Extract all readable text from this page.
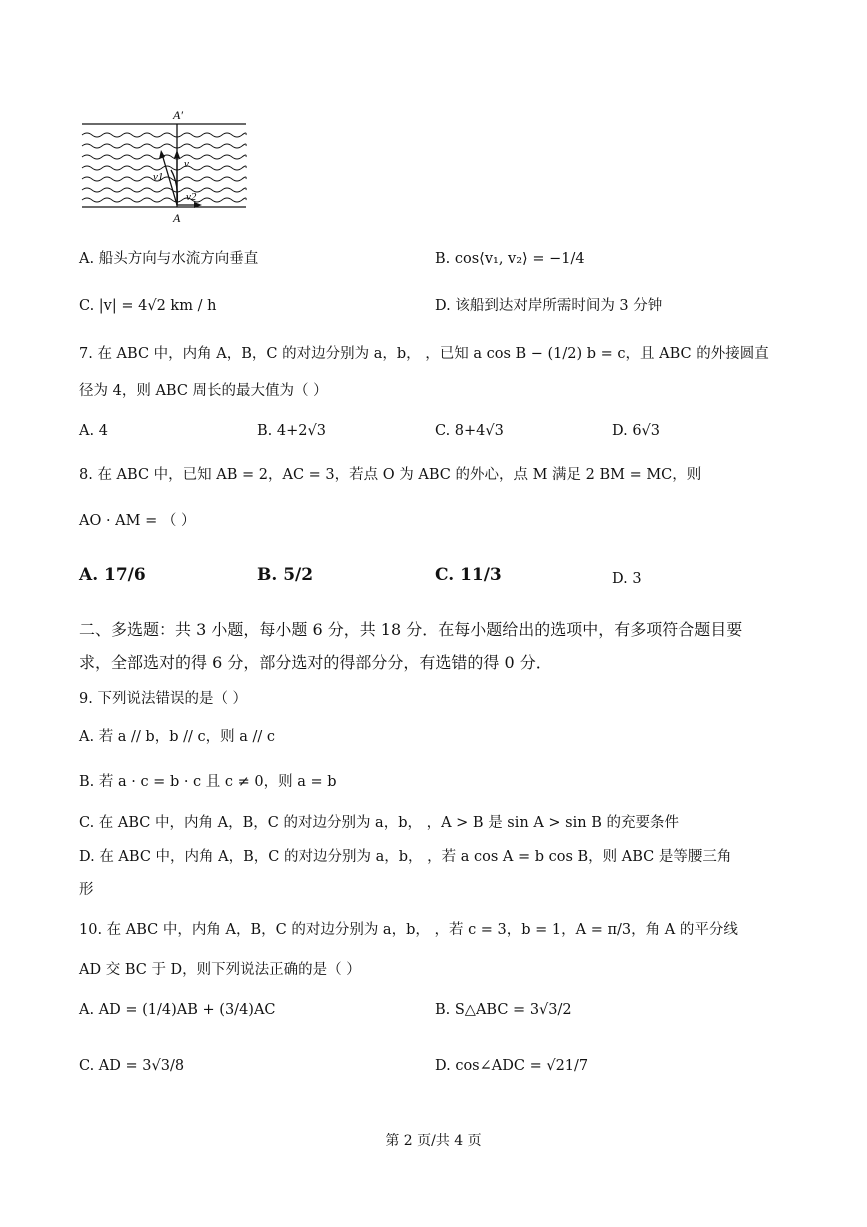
A′
A
v
v1
v2
A. 船头方向与水流方向垂直	B. cos⟨v₁, v₂⟩ = −1/4
C. |v| = 4√2 km / h	D. 该船到达对岸所需时间为 3 分钟
7. 在 ABC 中，内角 A，B，C 的对边分别为 a，b， ，已知 a cos B − (1/2) b = c，且 ABC 的外接圆直
径为 4，则 ABC 周长的最大值为（ ）
A. 4	B. 4+2√3	C. 8+4√3	D. 6√3
8. 在 ABC 中，已知 AB = 2，AC = 3，若点 O 为 ABC 的外心，点 M 满足 2 BM = MC，则
AO · AM = （ ）
A. 17/6	B. 5/2	C. 11/3	D. 3
二、多选题：共 3 小题，每小题 6 分，共 18 分．在每小题给出的选项中，有多项符合题目要
求，全部选对的得 6 分，部分选对的得部分分，有选错的得 0 分．
9. 下列说法错误的是（ ）
A. 若 a // b，b // c，则 a // c
B. 若 a · c = b · c 且 c ≠ 0，则 a = b
C. 在 ABC 中，内角 A，B，C 的对边分别为 a，b， ，A > B 是 sin A > sin B 的充要条件
D. 在 ABC 中，内角 A，B，C 的对边分别为 a，b， ，若 a cos A = b cos B，则 ABC 是等腰三角
形
10. 在 ABC 中，内角 A，B，C 的对边分别为 a，b， ，若 c = 3，b = 1，A = π/3，角 A 的平分线
AD 交 BC 于 D，则下列说法正确的是（ ）
A. AD = (1/4)AB + (3/4)AC	B. S△ABC = 3√3/2
C. AD = 3√3/8	D. cos∠ADC = √21/7
第 2 页/共 4 页
